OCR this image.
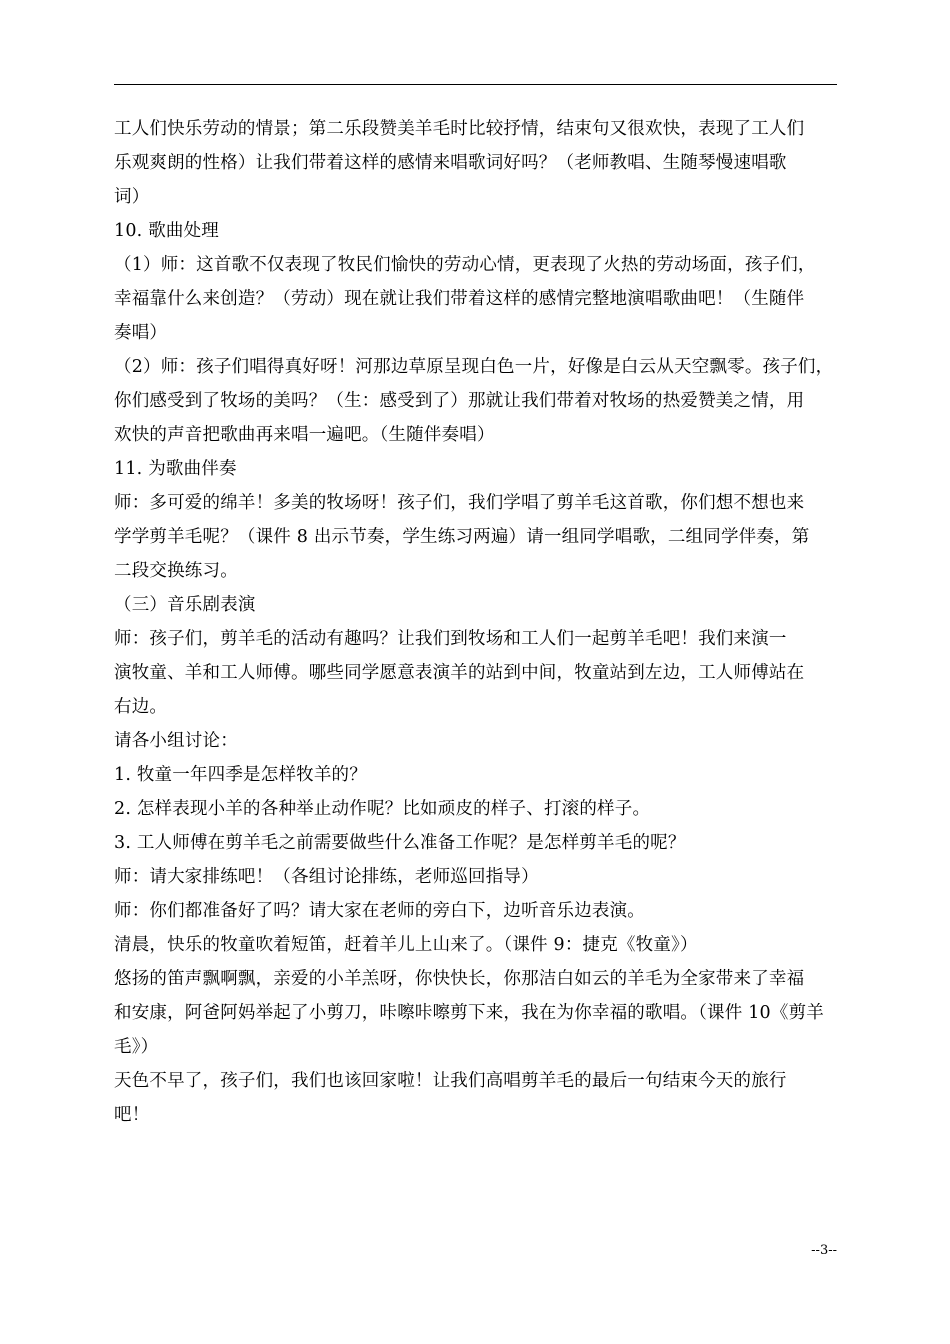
工人们快乐劳动的情景；第二乐段赞美羊毛时比较抒情，结束句又很欢快，表现了工人们
乐观爽朗的性格）让我们带着这样的感情来唱歌词好吗？（老师教唱、生随琴慢速唱歌
词）
10. 歌曲处理
（1）师：这首歌不仅表现了牧民们愉快的劳动心情，更表现了火热的劳动场面，孩子们，
幸福靠什么来创造？（劳动）现在就让我们带着这样的感情完整地演唱歌曲吧！（生随伴
奏唱）
（2）师：孩子们唱得真好呀！河那边草原呈现白色一片，好像是白云从天空飘零。孩子们，
你们感受到了牧场的美吗？（生：感受到了）那就让我们带着对牧场的热爱赞美之情，用
欢快的声音把歌曲再来唱一遍吧。（生随伴奏唱）
11. 为歌曲伴奏
师：多可爱的绵羊！多美的牧场呀！孩子们，我们学唱了剪羊毛这首歌，你们想不想也来
学学剪羊毛呢？（课件 8 出示节奏，学生练习两遍）请一组同学唱歌，二组同学伴奏，第
二段交换练习。
（三）音乐剧表演
师：孩子们，剪羊毛的活动有趣吗？让我们到牧场和工人们一起剪羊毛吧！我们来演一
演牧童、羊和工人师傅。哪些同学愿意表演羊的站到中间，牧童站到左边，工人师傅站在
右边。
请各小组讨论：
1. 牧童一年四季是怎样牧羊的？
2. 怎样表现小羊的各种举止动作呢？比如顽皮的样子、打滚的样子。
3. 工人师傅在剪羊毛之前需要做些什么准备工作呢？是怎样剪羊毛的呢？
师：请大家排练吧！（各组讨论排练，老师巡回指导）
师：你们都准备好了吗？请大家在老师的旁白下，边听音乐边表演。
清晨，快乐的牧童吹着短笛，赶着羊儿上山来了。（课件 9：捷克《牧童》）
悠扬的笛声飘啊飘，亲爱的小羊羔呀，你快快长，你那洁白如云的羊毛为全家带来了幸福
和安康，阿爸阿妈举起了小剪刀，咔嚓咔嚓剪下来，我在为你幸福的歌唱。（课件 10《剪羊
毛》）
天色不早了，孩子们，我们也该回家啦！让我们高唱剪羊毛的最后一句结束今天的旅行
吧！
--3--
